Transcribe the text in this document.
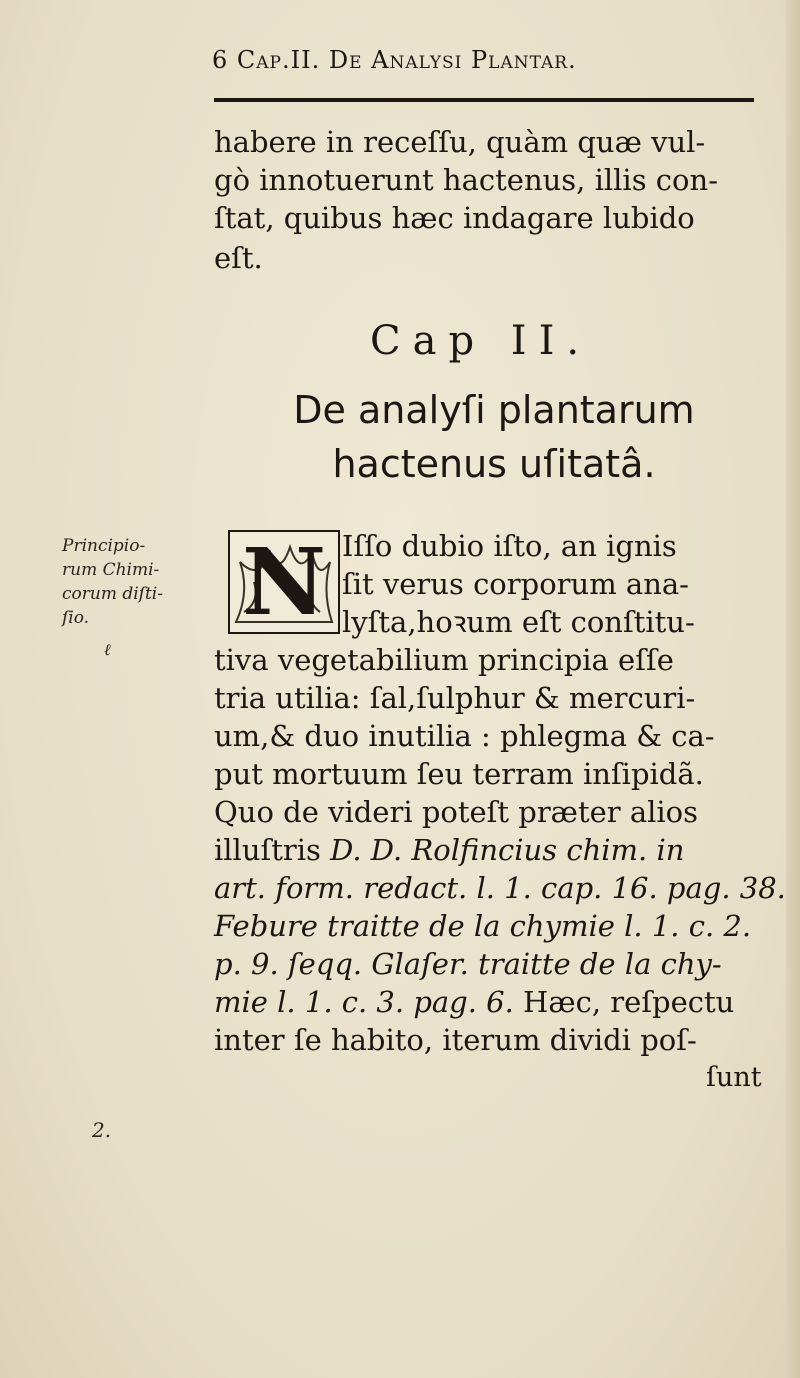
6 Cap.II. De Analysi Plantar.
habere in receſſu, quàm quæ vul-
gò innotuerunt hactenus, illis con-
ſtat, quibus hæc indagare lubido
eſt.
Cap II.
De analyſi plantarum
hactenus uſitatâ.
Principio-
rum Chimi-
corum diſti-
ſio.
ℓ
2.
N Iſſo dubio iſto, an ignis
ſit verus corporum ana-
lyſta,hoꝛum eſt conſtitu-
tiva vegetabilium principia eſſe
tria utilia: ſal,ſulphur & mercuri-
um,& duo inutilia : phlegma & ca-
put mortuum ſeu terram inſipidã.
Quo de videri poteſt præter alios
illuſtris D. D. Rolfincius chim. in
art. form. redact. l. 1. cap. 16. pag. 38.
Febure traitte de la chymie l. 1. c. 2.
p. 9. ſeqq. Glaſer. traitte de la chy-
mie l. 1. c. 3. pag. 6. Hæc, reſpectu
inter ſe habito, iterum dividi poſ-
ſunt
